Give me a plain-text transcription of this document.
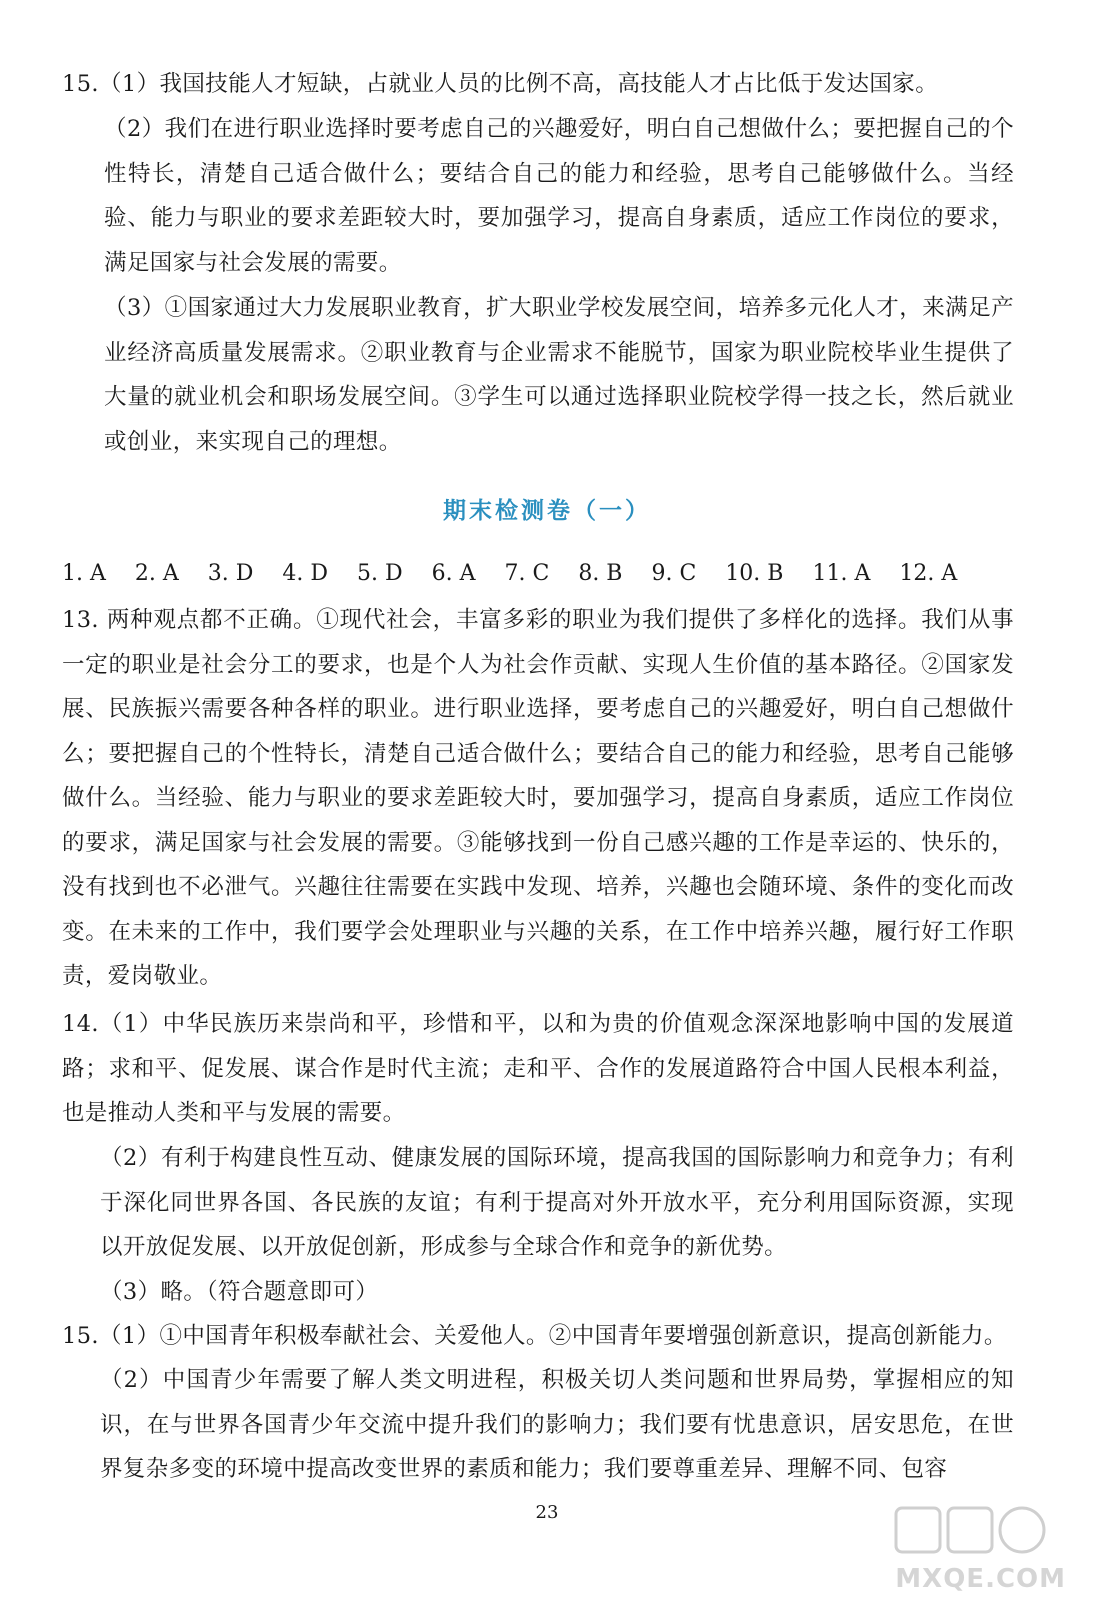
15.（1）我国技能人才短缺，占就业人员的比例不高，高技能人才占比低于发达国家。
（2）我们在进行职业选择时要考虑自己的兴趣爱好，明白自己想做什么；要把握自己的个性特长，清楚自己适合做什么；要结合自己的能力和经验，思考自己能够做什么。当经验、能力与职业的要求差距较大时，要加强学习，提高自身素质，适应工作岗位的要求，满足国家与社会发展的需要。
（3）①国家通过大力发展职业教育，扩大职业学校发展空间，培养多元化人才，来满足产业经济高质量发展需求。②职业教育与企业需求不能脱节，国家为职业院校毕业生提供了大量的就业机会和职场发展空间。③学生可以通过选择职业院校学得一技之长，然后就业或创业，来实现自己的理想。
期末检测卷（一）
1. A 2. A 3. D 4. D 5. D 6. A 7. C 8. B 9. C 10. B 11. A 12. A
13. 两种观点都不正确。①现代社会，丰富多彩的职业为我们提供了多样化的选择。我们从事一定的职业是社会分工的要求，也是个人为社会作贡献、实现人生价值的基本路径。②国家发展、民族振兴需要各种各样的职业。进行职业选择，要考虑自己的兴趣爱好，明白自己想做什么；要把握自己的个性特长，清楚自己适合做什么；要结合自己的能力和经验，思考自己能够做什么。当经验、能力与职业的要求差距较大时，要加强学习，提高自身素质，适应工作岗位的要求，满足国家与社会发展的需要。③能够找到一份自己感兴趣的工作是幸运的、快乐的，没有找到也不必泄气。兴趣往往需要在实践中发现、培养，兴趣也会随环境、条件的变化而改变。在未来的工作中，我们要学会处理职业与兴趣的关系，在工作中培养兴趣，履行好工作职责，爱岗敬业。
14.（1）中华民族历来崇尚和平，珍惜和平，以和为贵的价值观念深深地影响中国的发展道路；求和平、促发展、谋合作是时代主流；走和平、合作的发展道路符合中国人民根本利益，也是推动人类和平与发展的需要。
（2）有利于构建良性互动、健康发展的国际环境，提高我国的国际影响力和竞争力；有利于深化同世界各国、各民族的友谊；有利于提高对外开放水平，充分利用国际资源，实现以开放促发展、以开放促创新，形成参与全球合作和竞争的新优势。
（3）略。（符合题意即可）
15.（1）①中国青年积极奉献社会、关爱他人。②中国青年要增强创新意识，提高创新能力。
（2）中国青少年需要了解人类文明进程，积极关切人类问题和世界局势，掌握相应的知识，在与世界各国青少年交流中提升我们的影响力；我们要有忧患意识，居安思危，在世界复杂多变的环境中提高改变世界的素质和能力；我们要尊重差异、理解不同、包容
23
MXQE.COM
